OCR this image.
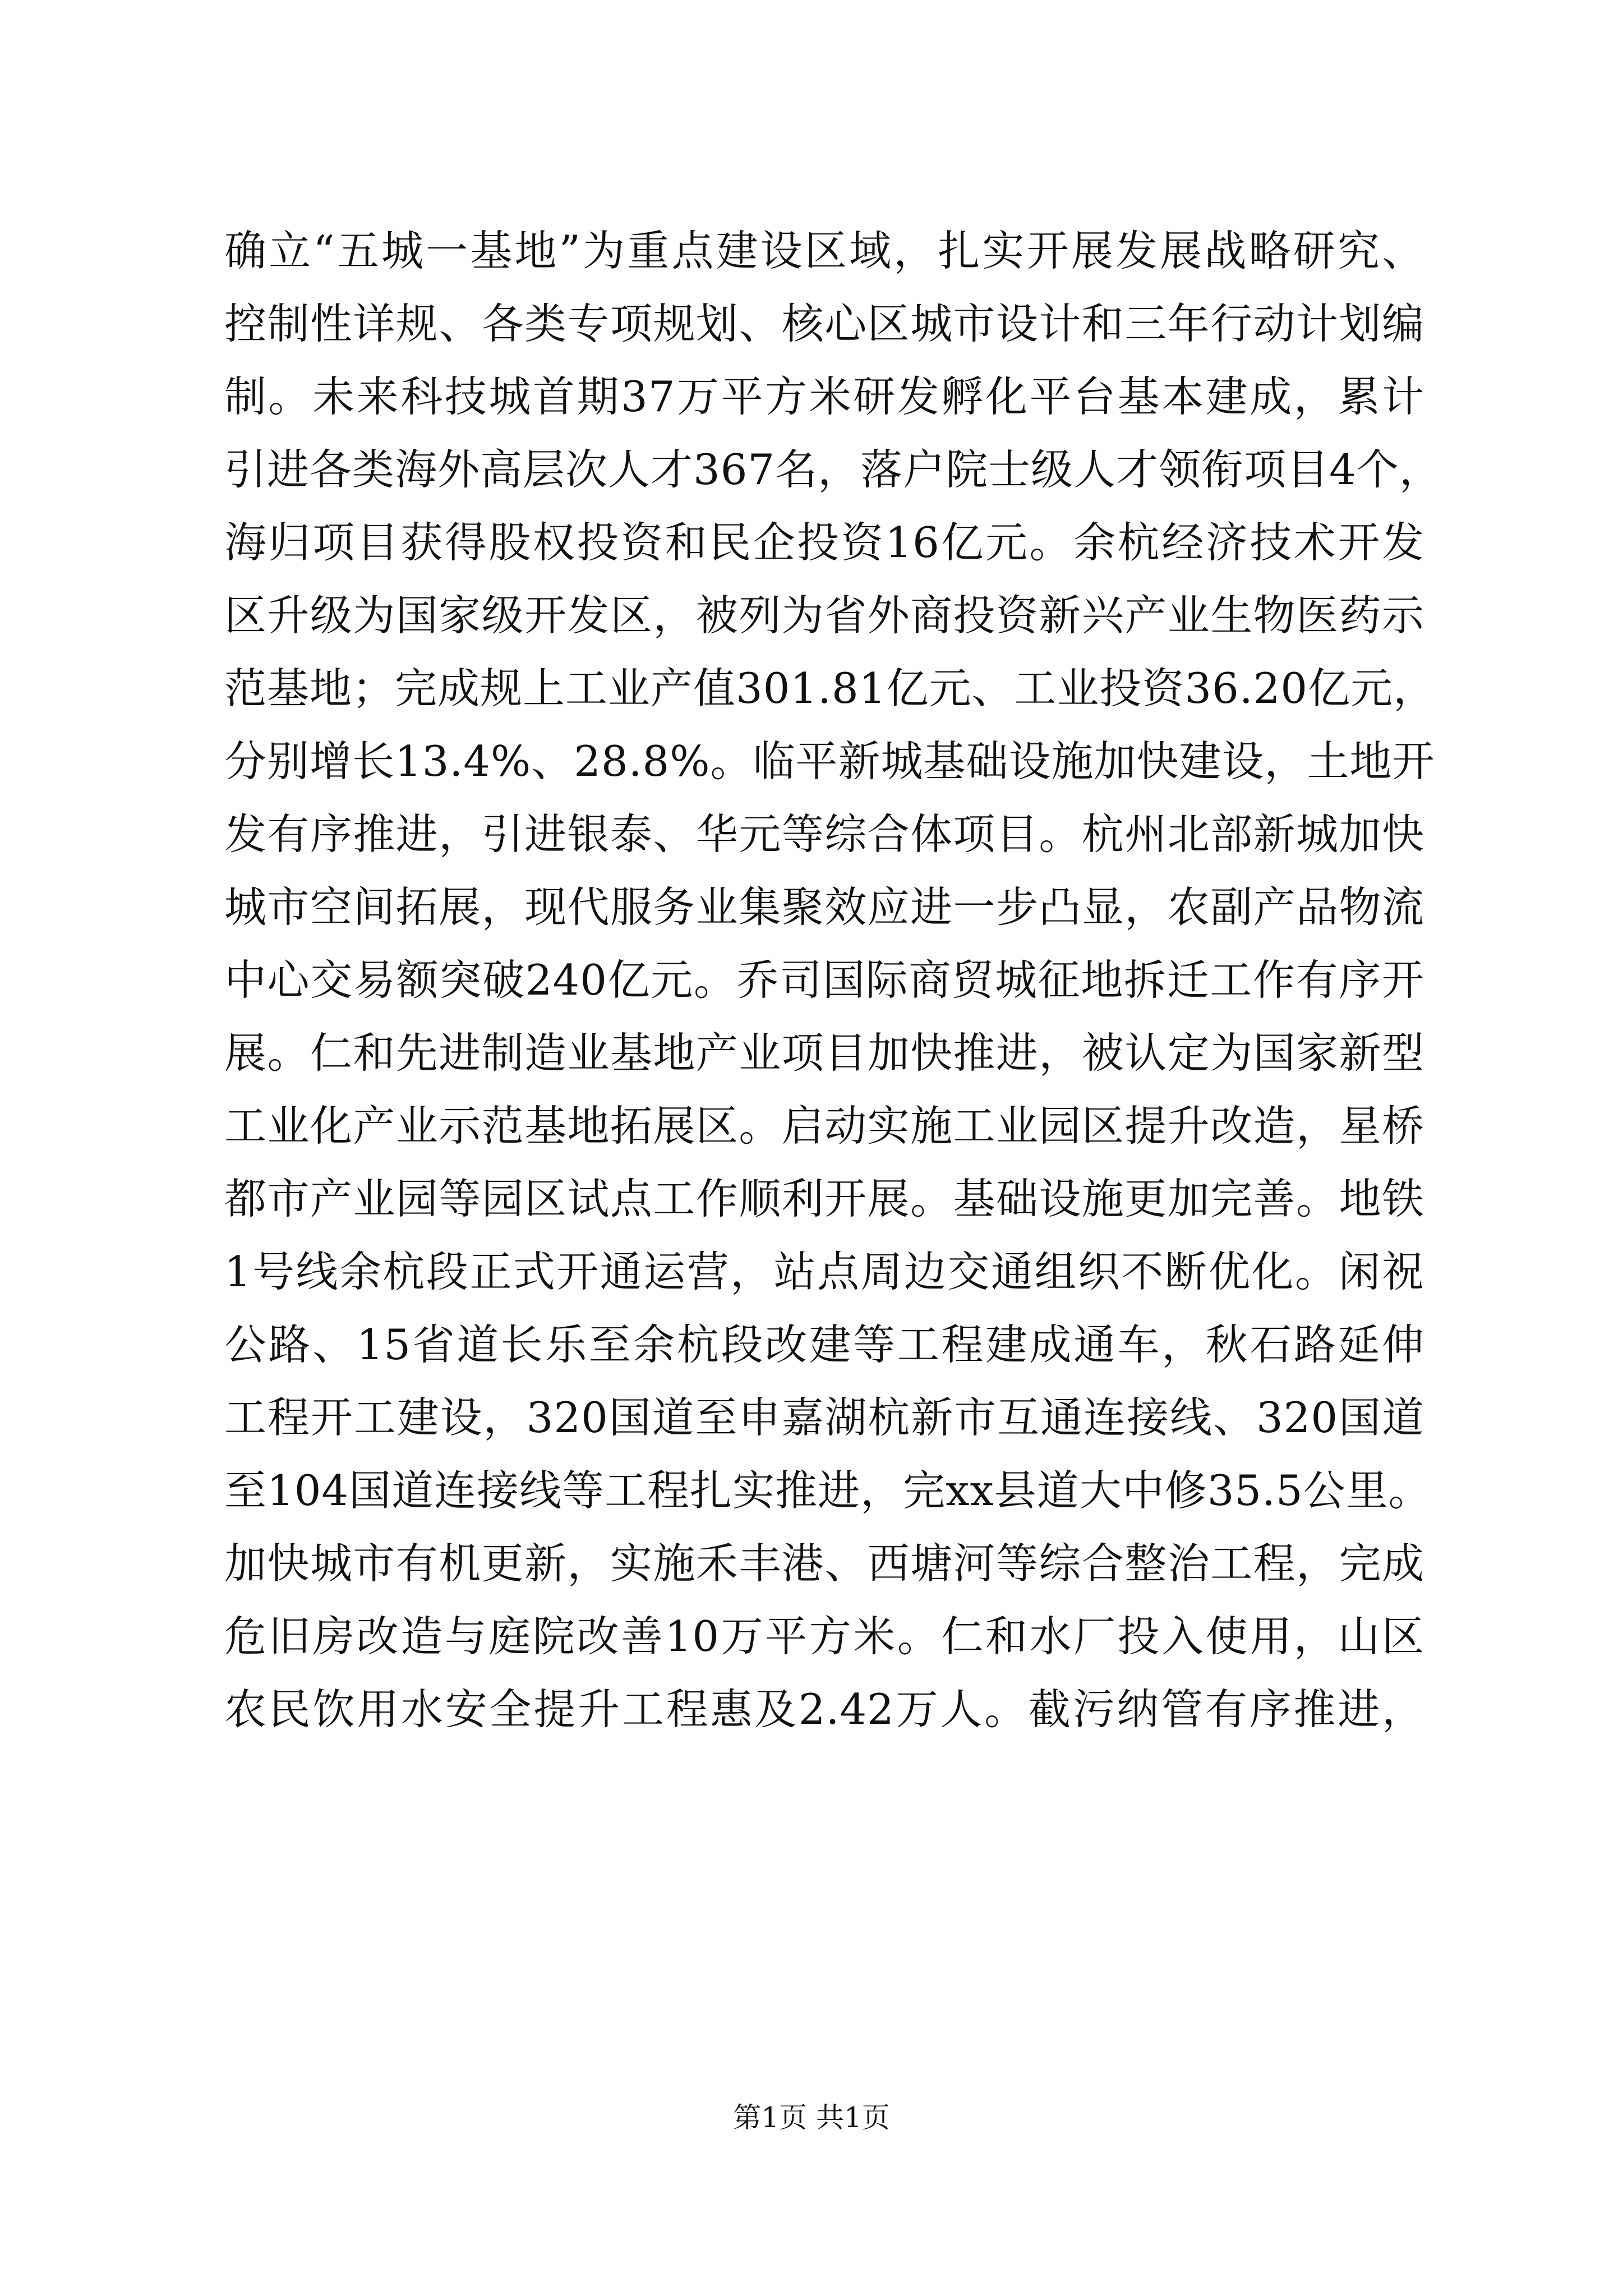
确立“五城一基地”为重点建设区域，扎实开展发展战略研究、
控制性详规、各类专项规划、核心区城市设计和三年行动计划编
制。未来科技城首期37万平方米研发孵化平台基本建成，累计
引进各类海外高层次人才367名，落户院士级人才领衔项目4个，
海归项目获得股权投资和民企投资16亿元。余杭经济技术开发
区升级为国家级开发区，被列为省外商投资新兴产业生物医药示
范基地；完成规上工业产值301.81亿元、工业投资36.20亿元，
分别增长13.4%、28.8%。临平新城基础设施加快建设，土地开
发有序推进，引进银泰、华元等综合体项目。杭州北部新城加快
城市空间拓展，现代服务业集聚效应进一步凸显，农副产品物流
中心交易额突破240亿元。乔司国际商贸城征地拆迁工作有序开
展。仁和先进制造业基地产业项目加快推进，被认定为国家新型
工业化产业示范基地拓展区。启动实施工业园区提升改造，星桥
都市产业园等园区试点工作顺利开展。基础设施更加完善。地铁
1号线余杭段正式开通运营，站点周边交通组织不断优化。闲祝
公路、15省道长乐至余杭段改建等工程建成通车，秋石路延伸
工程开工建设，320国道至申嘉湖杭新市互通连接线、320国道
至104国道连接线等工程扎实推进，完xx县道大中修35.5公里。
加快城市有机更新，实施禾丰港、西塘河等综合整治工程，完成
危旧房改造与庭院改善10万平方米。仁和水厂投入使用，山区
农民饮用水安全提升工程惠及2.42万人。截污纳管有序推进，
第1页 共1页
